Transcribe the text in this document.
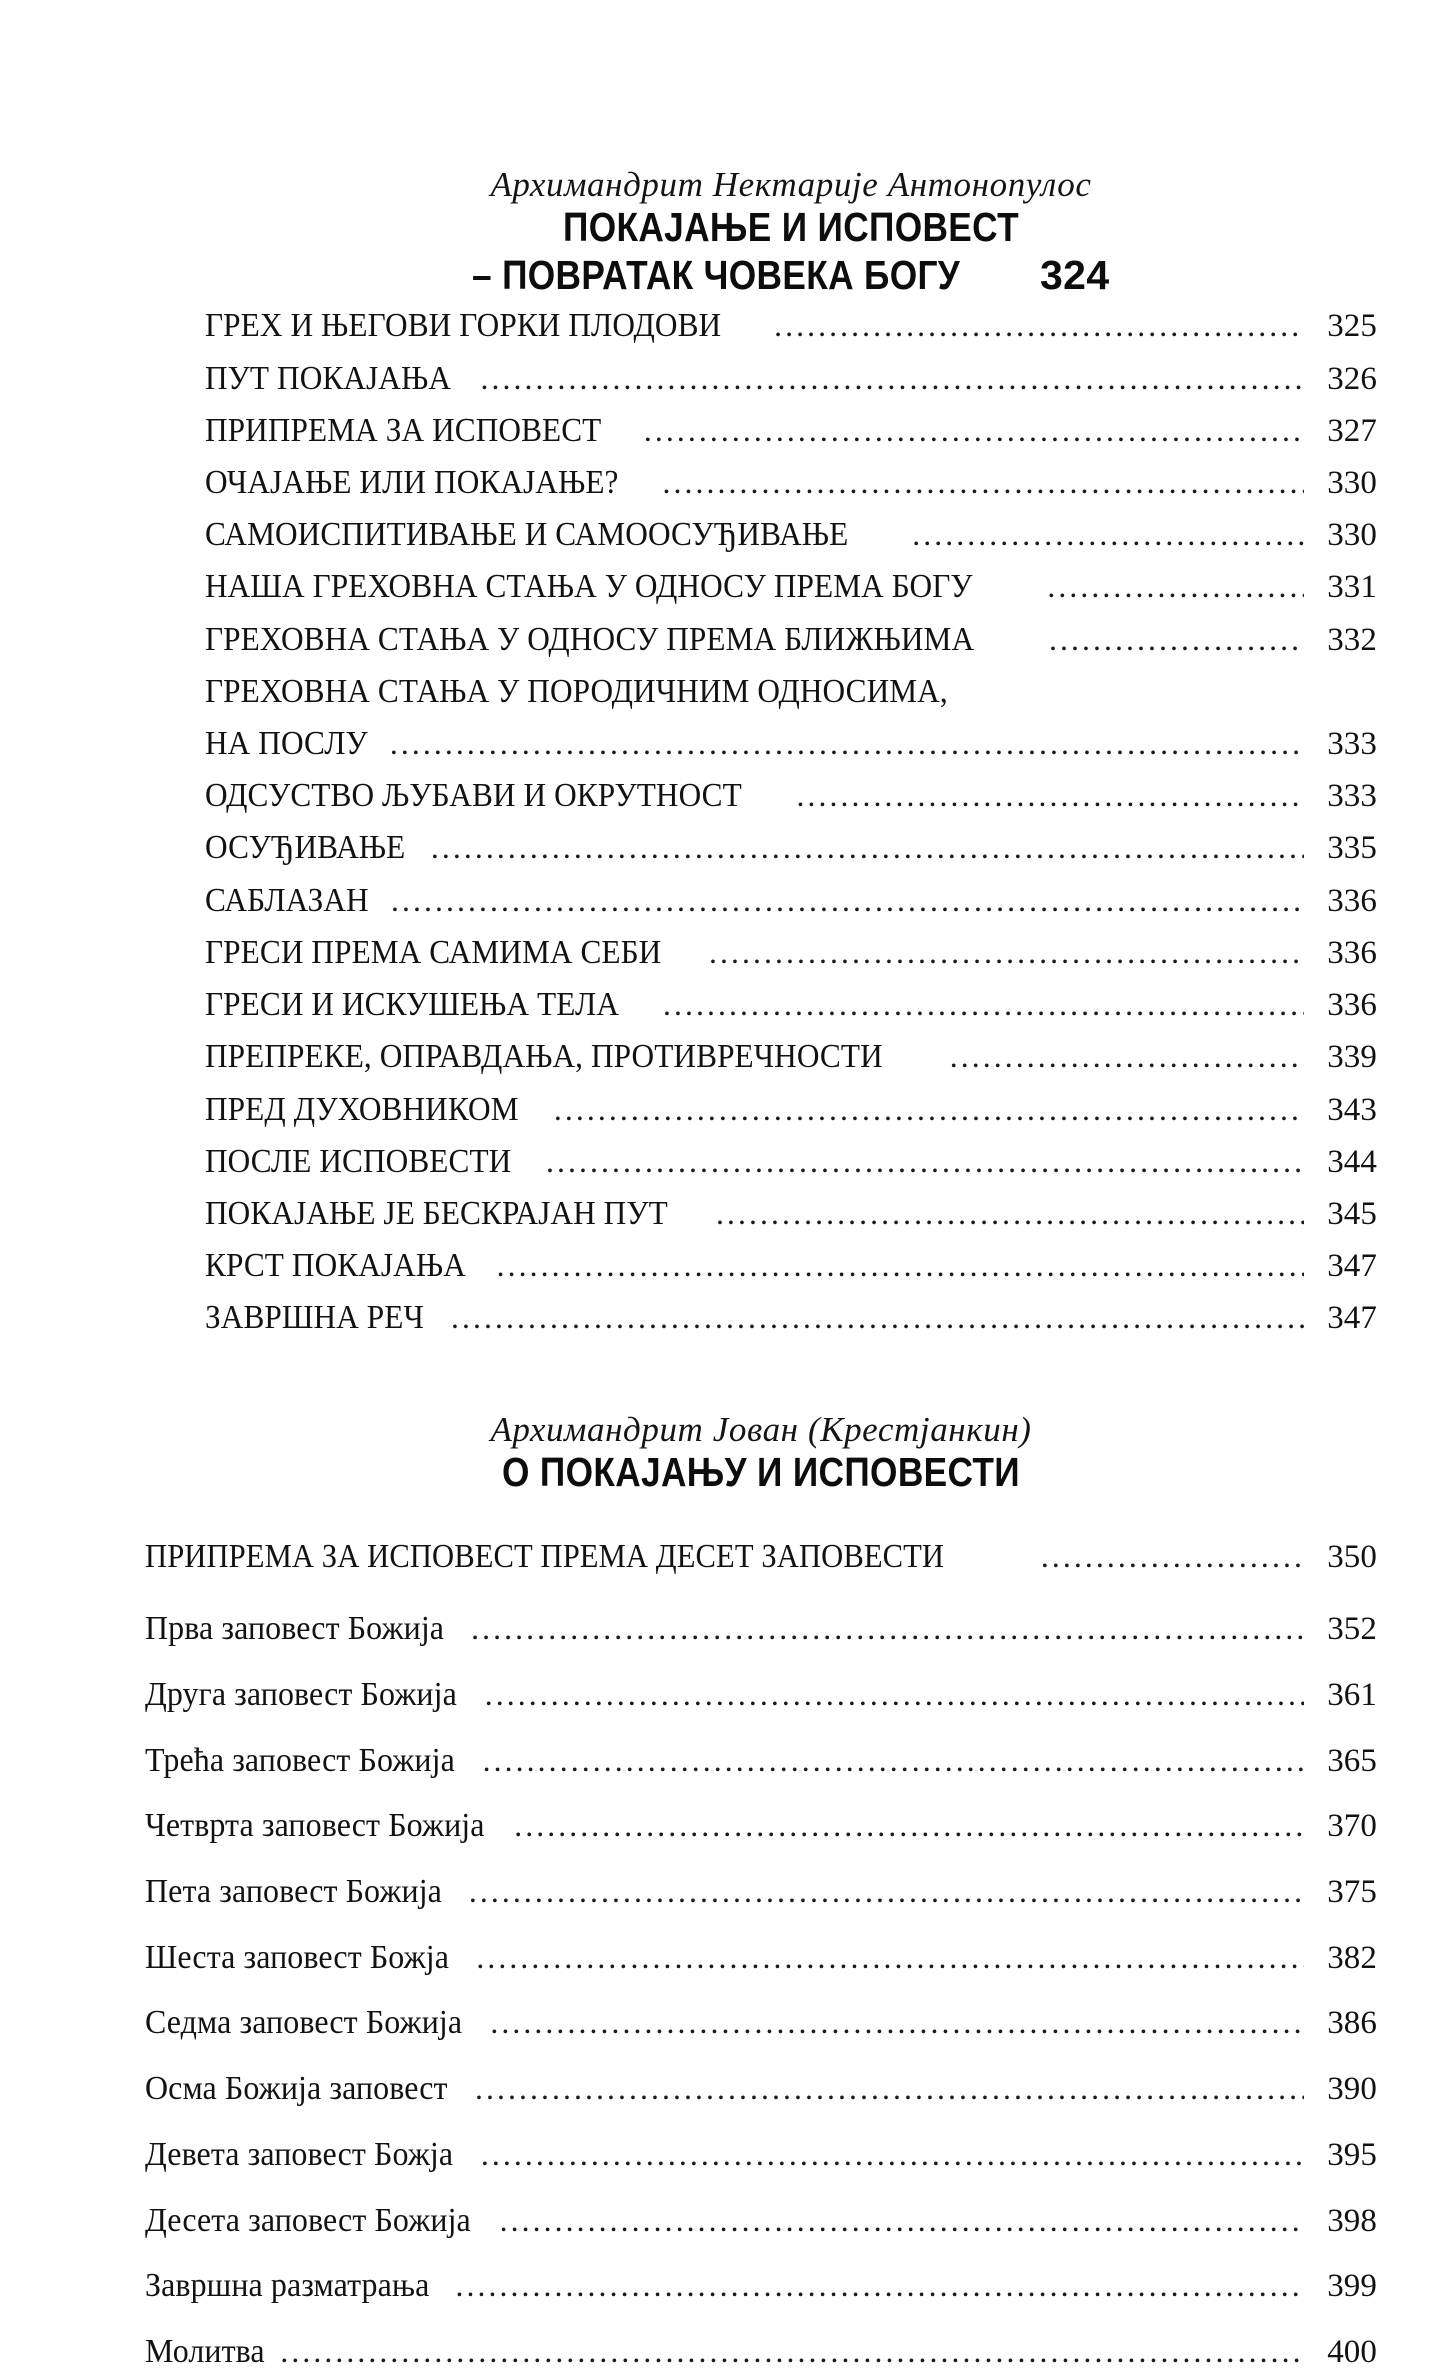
Архимандрит Нектарије Антонопулос
ПОКАЈАЊЕ И ИСПОВЕСТ
– ПОВРАТАК ЧОВЕКА БОГУ 324
ГРЕХ И ЊЕГОВИ ГОРКИ ПЛОДОВИ .....	325
ПУТ ПОКАЈАЊА .....	326
ПРИПРЕМА ЗА ИСПОВЕСТ .....	327
ОЧАЈАЊЕ ИЛИ ПОКАЈАЊЕ? .....	330
САМОИСПИТИВАЊЕ И САМООСУЂИВАЊЕ .....	330
НАША ГРЕХОВНА СТАЊА У ОДНОСУ ПРЕМА БОГУ .....	331
ГРЕХОВНА СТАЊА У ОДНОСУ ПРЕМА БЛИЖЊИМА .....	332
ГРЕХОВНА СТАЊА У ПОРОДИЧНИМ ОДНОСИМА,
НА ПОСЛУ .....	333
ОДСУСТВО ЉУБАВИ И ОКРУТНОСТ .....	333
ОСУЂИВАЊЕ .....	335
САБЛАЗАН .....	336
ГРЕСИ ПРЕМА САМИМА СЕБИ .....	336
ГРЕСИ И ИСКУШЕЊА ТЕЛА .....	336
ПРЕПРЕКЕ, ОПРАВДАЊА, ПРОТИВРЕЧНОСТИ .....	339
ПРЕД ДУХОВНИКОМ .....	343
ПОСЛЕ ИСПОВЕСТИ .....	344
ПОКАЈАЊЕ ЈЕ БЕСКРАЈАН ПУТ .....	345
КРСТ ПОКАЈАЊА .....	347
ЗАВРШНА РЕЧ .....	347
Архимандрит Јован (Крестјанкин)
О ПОКАЈАЊУ И ИСПОВЕСТИ
ПРИПРЕМА ЗА ИСПОВЕСТ ПРЕМА ДЕСЕТ ЗАПОВЕСТИ .....	350
Прва заповест Божија .....	352
Друга заповест Божија .....	361
Трећа заповест Божија .....	365
Четврта заповест Божија .....	370
Пета заповест Божија .....	375
Шеста заповест Божја .....	382
Седма заповест Божија .....	386
Осма Божија заповест .....	390
Девета заповест Божја .....	395
Десета заповест Божија .....	398
Завршна разматрања .....	399
Молитва .....	400
